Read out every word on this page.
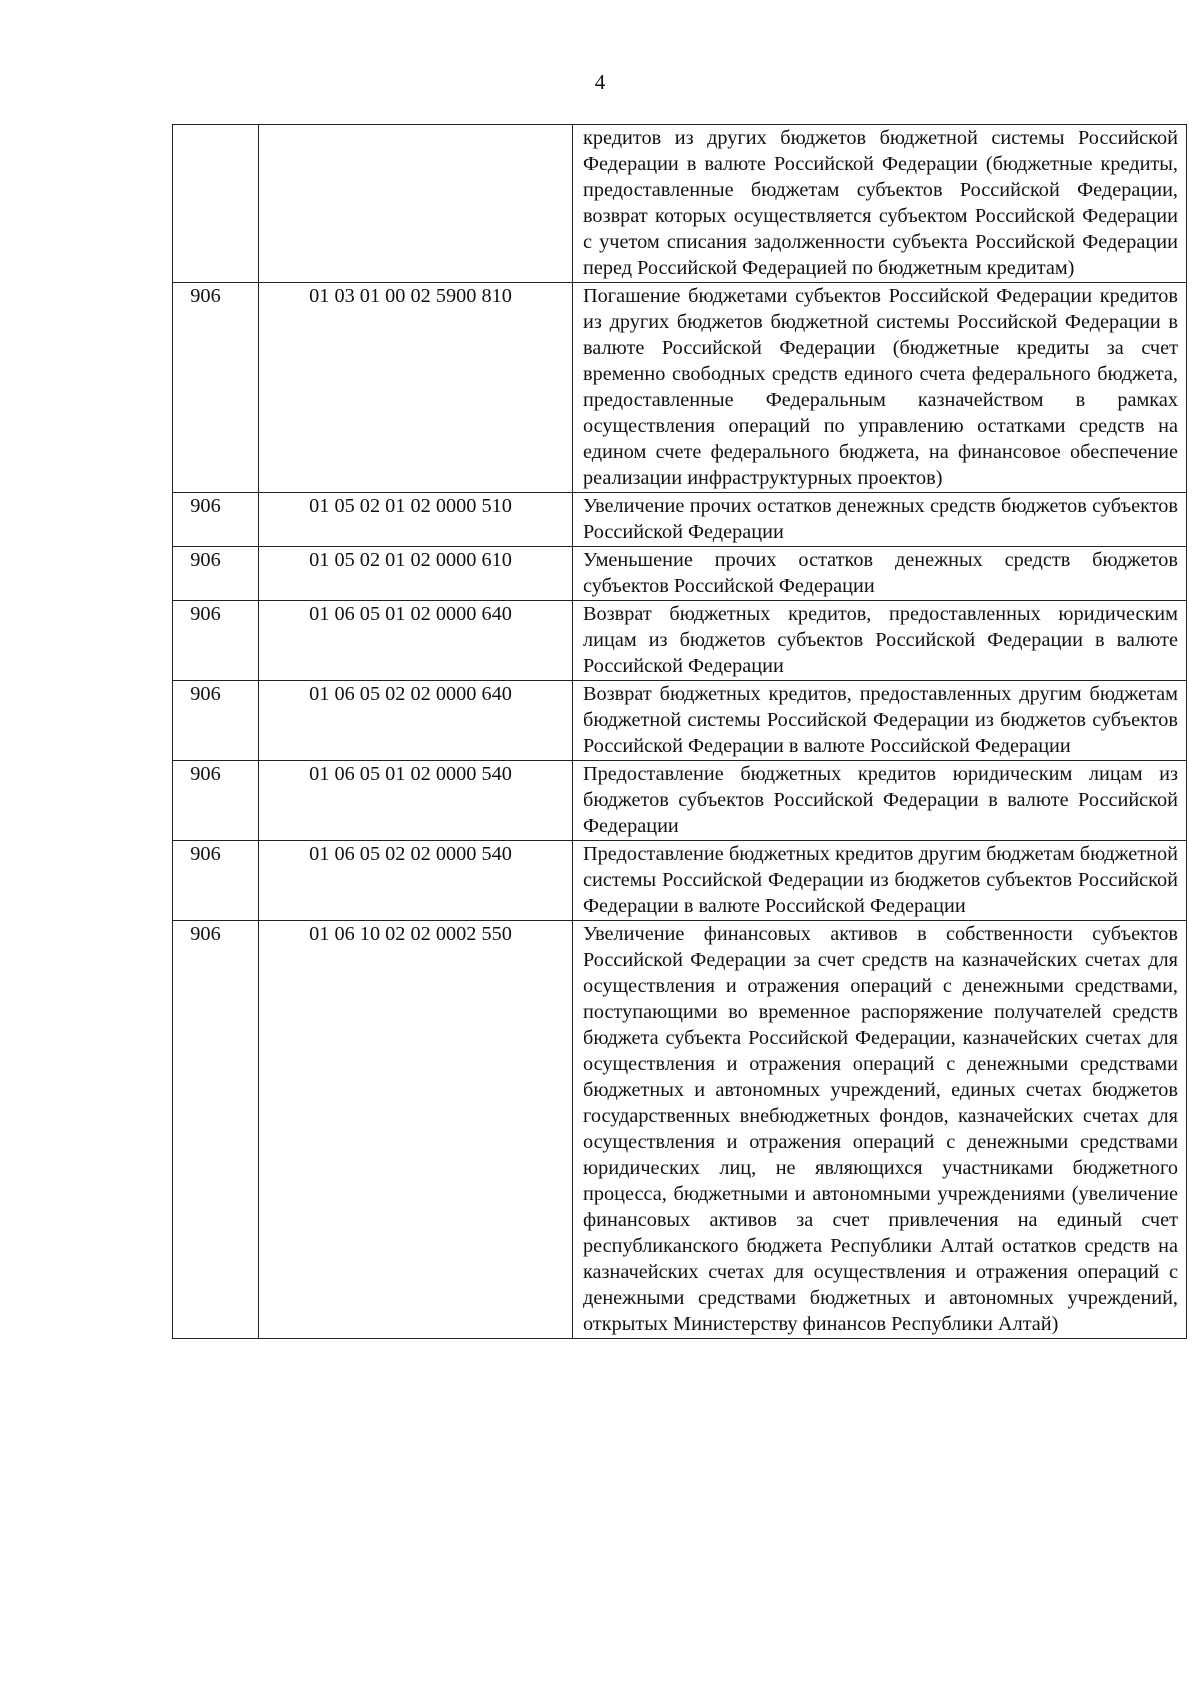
4
		кредитов из других бюджетов бюджетной системы Российской Федерации в валюте Российской Федерации (бюджетные кредиты, предоставленные бюджетам субъектов Российской Федерации, возврат которых осуществляется субъектом Российской Федерации с учетом списания задолженности субъекта Российской Федерации перед Российской Федерацией по бюджетным кредитам)
906	01 03 01 00 02 5900 810	Погашение бюджетами субъектов Российской Федерации кредитов из других бюджетов бюджетной системы Российской Федерации в валюте Российской Федерации (бюджетные кредиты за счет временно свободных средств единого счета федерального бюджета, предоставленные Федеральным казначейством в рамках осуществления операций по управлению остатками средств на едином счете федерального бюджета, на финансовое обеспечение реализации инфраструктурных проектов)
906	01 05 02 01 02 0000 510	Увеличение прочих остатков денежных средств бюджетов субъектов Российской Федерации
906	01 05 02 01 02 0000 610	Уменьшение прочих остатков денежных средств бюджетов субъектов Российской Федерации
906	01 06 05 01 02 0000 640	Возврат бюджетных кредитов, предоставленных юридическим лицам из бюджетов субъектов Российской Федерации в валюте Российской Федерации
906	01 06 05 02 02 0000 640	Возврат бюджетных кредитов, предоставленных другим бюджетам бюджетной системы Российской Федерации из бюджетов субъектов Российской Федерации в валюте Российской Федерации
906	01 06 05 01 02 0000 540	Предоставление бюджетных кредитов юридическим лицам из бюджетов субъектов Российской Федерации в валюте Российской Федерации
906	01 06 05 02 02 0000 540	Предоставление бюджетных кредитов другим бюджетам бюджетной системы Российской Федерации из бюджетов субъектов Российской Федерации в валюте Российской Федерации
906	01 06 10 02 02 0002 550	Увеличение финансовых активов в собственности субъектов Российской Федерации за счет средств на казначейских счетах для осуществления и отражения операций с денежными средствами, поступающими во временное распоряжение получателей средств бюджета субъекта Российской Федерации, казначейских счетах для осуществления и отражения операций с денежными средствами бюджетных и автономных учреждений, единых счетах бюджетов государственных внебюджетных фондов, казначейских счетах для осуществления и отражения операций с денежными средствами юридических лиц, не являющихся участниками бюджетного процесса, бюджетными и автономными учреждениями (увеличение финансовых активов за счет привлечения на единый счет республиканского бюджета Республики Алтай остатков средств на казначейских счетах для осуществления и отражения операций с денежными средствами бюджетных и автономных учреждений, открытых Министерству финансов Республики Алтай)
